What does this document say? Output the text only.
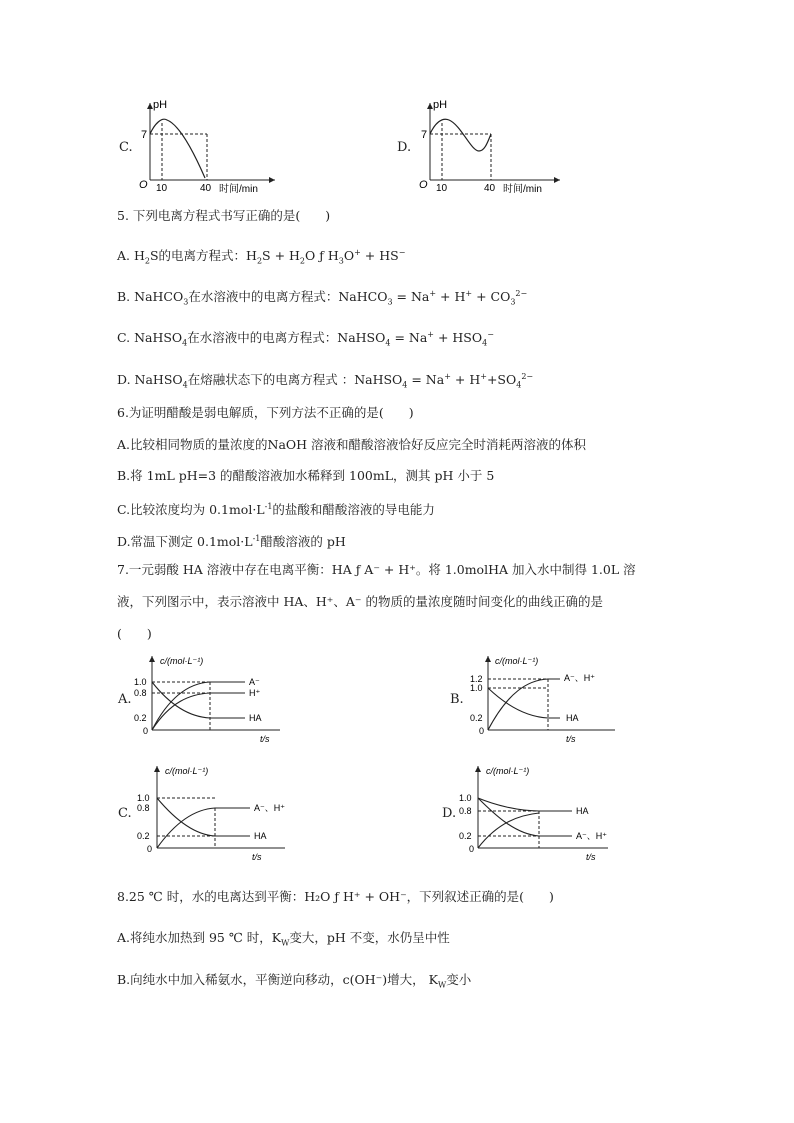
C.
pH
7
O 10	40 时间/min
D.
pH
7
O 10	40 时间/min
5. 下列电离方程式书写正确的是(　　)
A. $H_2S$的电离方程式：$H_2S + H_2O$ ƒ $H_3O^+ + HS^-$
B. NaHCO$_3$在水溶液中的电离方程式：NaHCO$_3$ = $Na^+ + H^+ + CO_3^{2-}$
C. NaHSO$_4$在水溶液中的电离方程式：NaHSO$_4$ = $Na^+ + HSO_4^-$
D. NaHSO$_4$在熔融状态下的电离方程式 ：NaHSO$_4$ = $Na^+ + H^++SO_4^{2-}$
6.为证明醋酸是弱电解质，下列方法不正确的是(　　)
A.比较相同物质的量浓度的NaOH 溶液和醋酸溶液恰好反应完全时消耗两溶液的体积
B.将 1mL pH=3 的醋酸溶液加水稀释到 100mL，测其 pH 小于 5
C.比较浓度均为 $0.1mol\cdot L^{-1}$的盐酸和醋酸溶液的导电能力
D.常温下测定 $0.1mol\cdot L^{-1}$醋酸溶液的 pH
7.一元弱酸 HA 溶液中存在电离平衡：HA ƒ A⁻ + H⁺。将 1.0molHA 加入水中制得 1.0L 溶
液，下列图示中，表示溶液中 HA、H⁺、A⁻ 的物质的量浓度随时间变化的曲线正确的是
(　　)
A.
c/(mol·L⁻¹)
1.0
0.8
0.2
0
A⁻
H⁺
HA
t/s
B.
c/(mol·L⁻¹)
1.2
1.0
0.2
0
A⁻、H⁺
HA
t/s
C.
c/(mol·L⁻¹)
1.0
0.8
0.2
0
A⁻、H⁺
HA
t/s
D.
c/(mol·L⁻¹)
1.0
0.8
0.2
0
HA
A⁻、H⁺
t/s
8.25 ℃ 时，水的电离达到平衡：H₂O ƒ H⁺ + OH⁻，下列叙述正确的是(　　)
A.将纯水加热到 95 ℃ 时，$K_W$变大，pH 不变，水仍呈中性
B.向纯水中加入稀氨水，平衡逆向移动，c(OH⁻)增大， $K_W$变小
